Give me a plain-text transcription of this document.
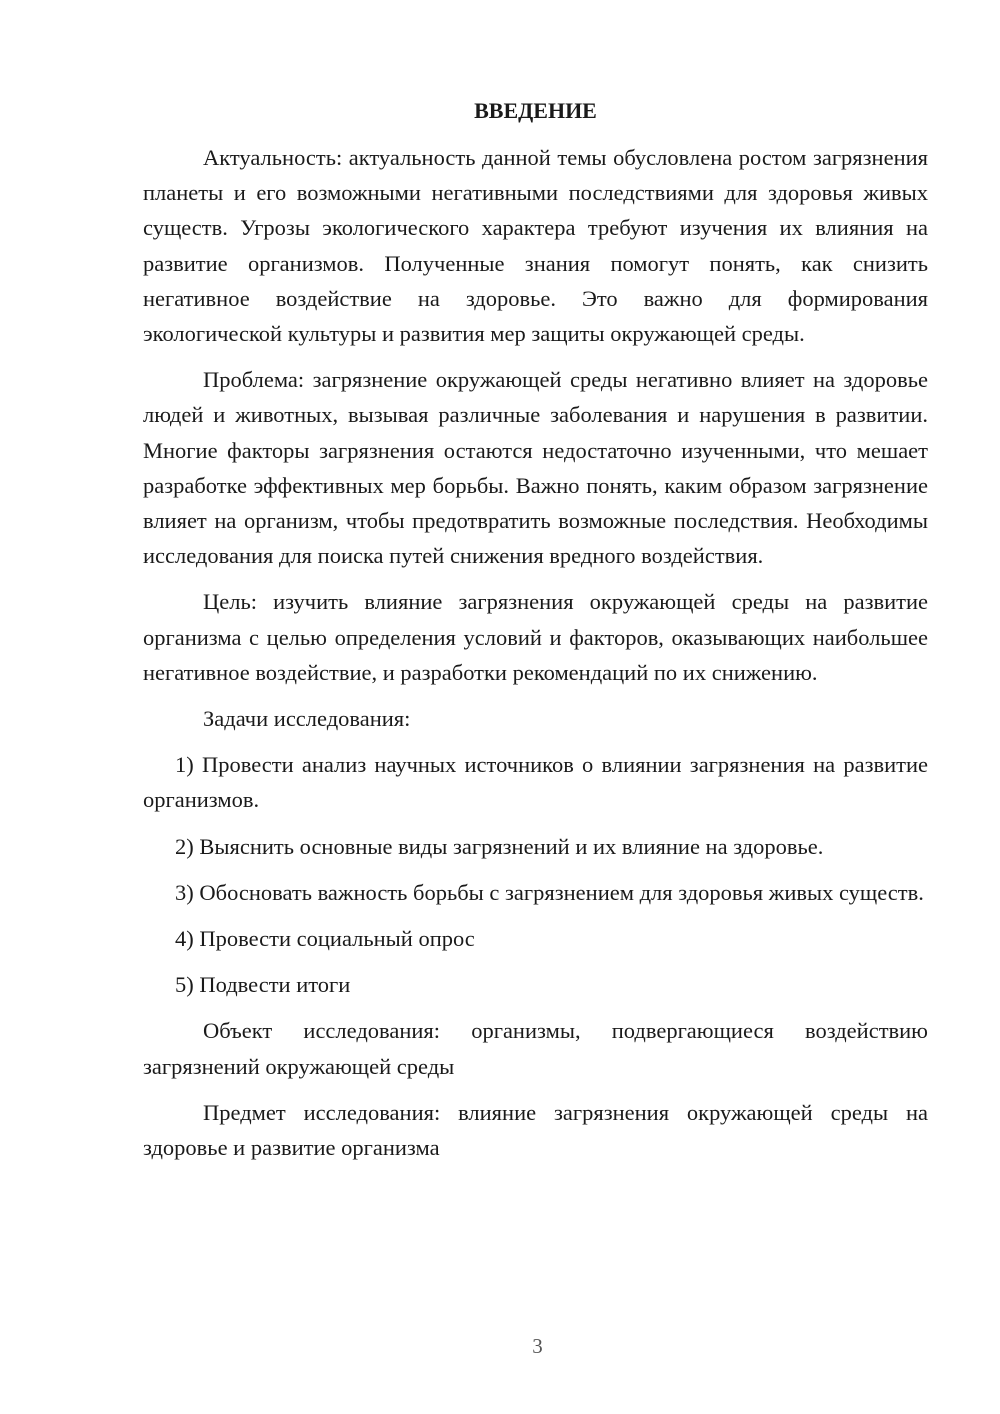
ВВЕДЕНИЕ

Актуальность: актуальность данной темы обусловлена ростом загрязнения планеты и его возможными негативными последствиями для здоровья живых существ. Угрозы экологического характера требуют изучения их влияния на развитие организмов. Полученные знания помогут понять, как снизить негативное воздействие на здоровье. Это важно для формирования экологической культуры и развития мер защиты окружающей среды.

Проблема: загрязнение окружающей среды негативно влияет на здоровье людей и животных, вызывая различные заболевания и нарушения в развитии. Многие факторы загрязнения остаются недостаточно изученными, что мешает разработке эффективных мер борьбы. Важно понять, каким образом загрязнение влияет на организм, чтобы предотвратить возможные последствия. Необходимы исследования для поиска путей снижения вредного воздействия.

Цель: изучить влияние загрязнения окружающей среды на развитие организма с целью определения условий и факторов, оказывающих наибольшее негативное воздействие, и разработки рекомендаций по их снижению.

Задачи исследования:

1) Провести анализ научных источников о влиянии загрязнения на развитие организмов.

2) Выяснить основные виды загрязнений и их влияние на здоровье.

3) Обосновать важность борьбы с загрязнением для здоровья живых существ.

4) Провести социальный опрос

5) Подвести итоги

Объект исследования: организмы, подвергающиеся воздействию загрязнений окружающей среды

Предмет исследования: влияние загрязнения окружающей среды на здоровье и развитие организма

3
